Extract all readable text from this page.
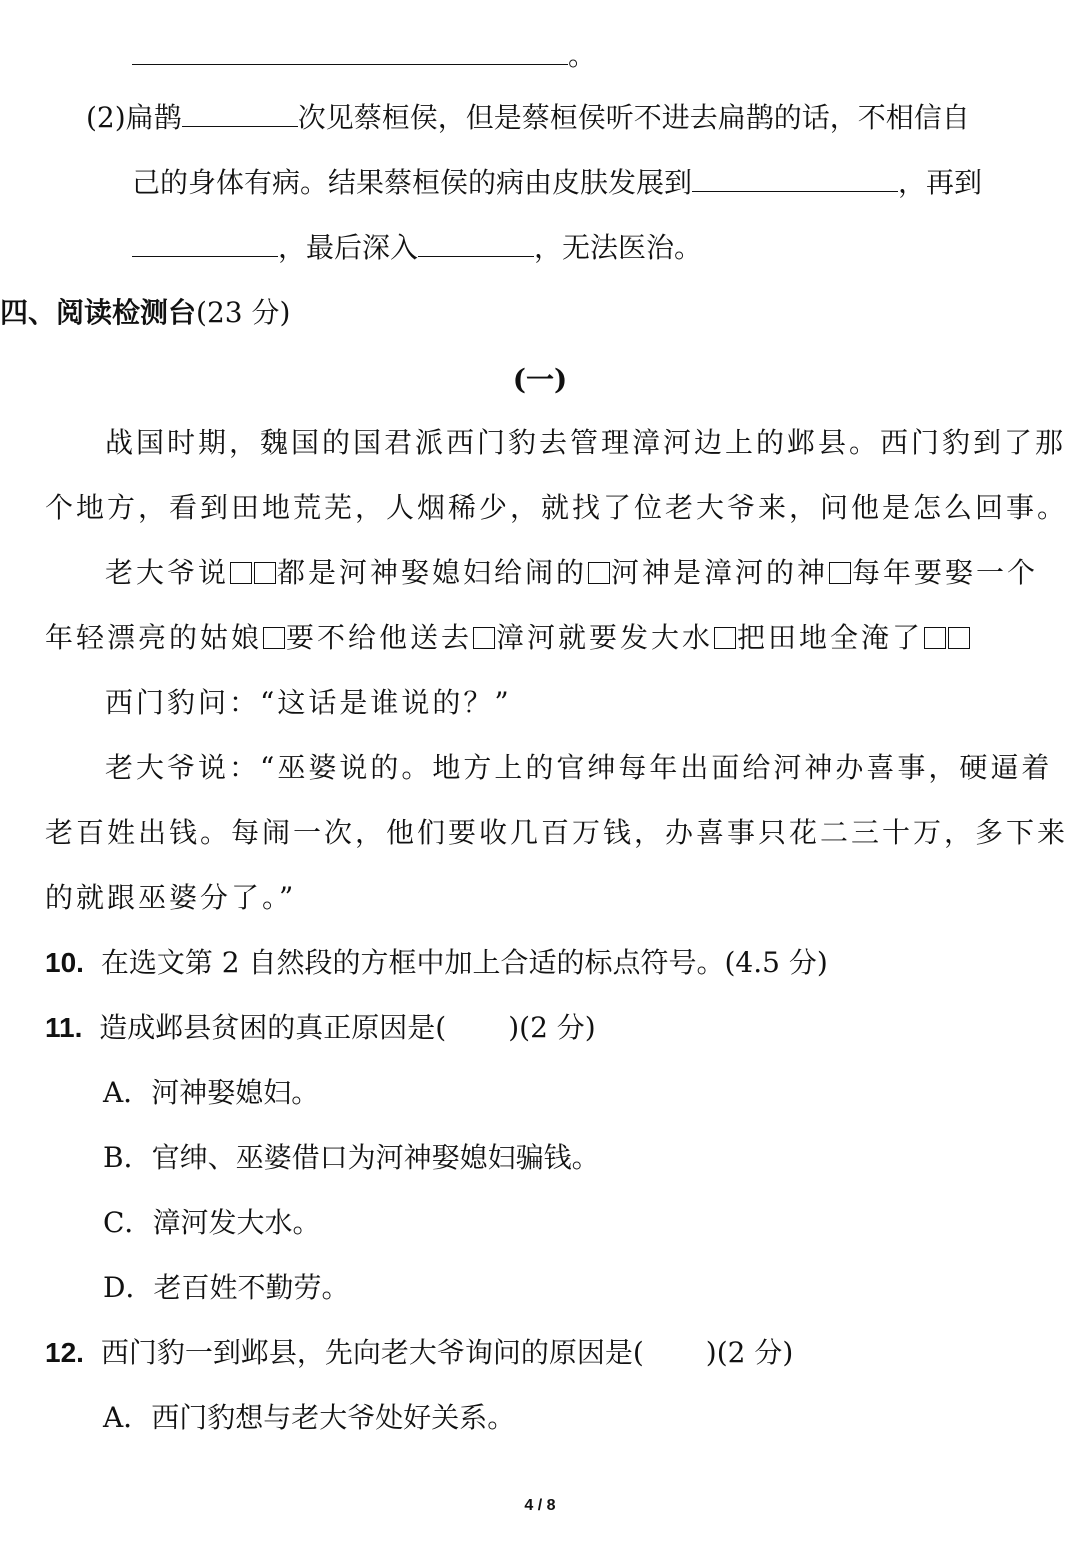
。
(2)扁鹊	次见蔡桓侯，但是蔡桓侯听不进去扁鹊的话，不相信自
己的身体有病。结果蔡桓侯的病由皮肤发展到	，再到
，最后深入	，无法医治。
四、阅读检测台(23 分)
(一)
战国时期，魏国的国君派西门豹去管理漳河边上的邺县。西门豹到了那
个地方，看到田地荒芜，人烟稀少，就找了位老大爷来，问他是怎么回事。
老大爷说 都是河神娶媳妇给闹的 河神是漳河的神 每年要娶一个
年轻漂亮的姑娘 要不给他送去 漳河就要发大水 把田地全淹了
西门豹问：“这话是谁说的？”
老大爷说：“巫婆说的。地方上的官绅每年出面给河神办喜事，硬逼着
老百姓出钱。每闹一次，他们要收几百万钱，办喜事只花二三十万，多下来
的就跟巫婆分了。”
10. 在选文第 2 自然段的方框中加上合适的标点符号。(4.5 分)
11. 造成邺县贫困的真正原因是( )(2 分)
A．河神娶媳妇。
B．官绅、巫婆借口为河神娶媳妇骗钱。
C．漳河发大水。
D．老百姓不勤劳。
12. 西门豹一到邺县，先向老大爷询问的原因是( )(2 分)
A．西门豹想与老大爷处好关系。
4 / 8
